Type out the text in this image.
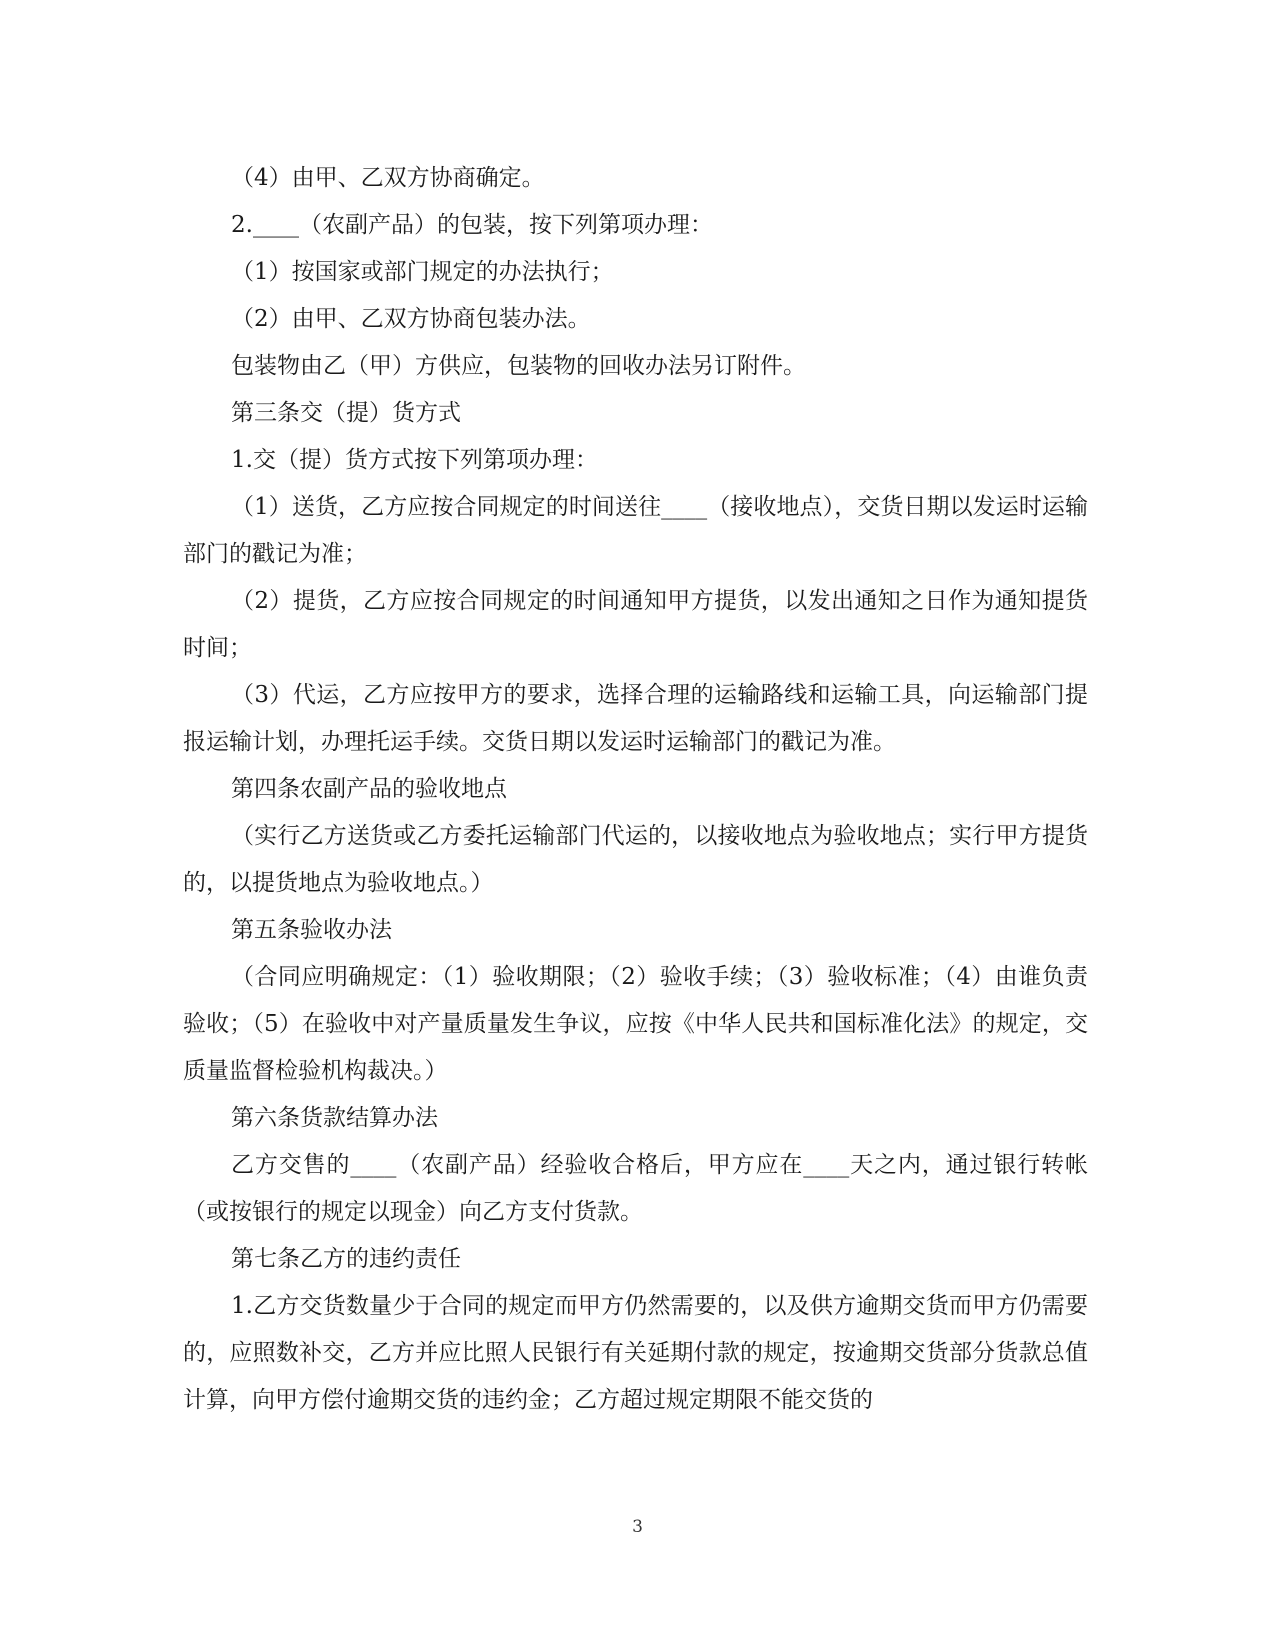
（4）由甲、乙双方协商确定。

2.____（农副产品）的包装，按下列第项办理：

（1）按国家或部门规定的办法执行；

（2）由甲、乙双方协商包装办法。

包装物由乙（甲）方供应，包装物的回收办法另订附件。

第三条交（提）货方式

1.交（提）货方式按下列第项办理：

（1）送货，乙方应按合同规定的时间送往____（接收地点），交货日期以发运时运输部门的戳记为准；

（2）提货，乙方应按合同规定的时间通知甲方提货，以发出通知之日作为通知提货时间；

（3）代运，乙方应按甲方的要求，选择合理的运输路线和运输工具，向运输部门提报运输计划，办理托运手续。交货日期以发运时运输部门的戳记为准。

第四条农副产品的验收地点

（实行乙方送货或乙方委托运输部门代运的，以接收地点为验收地点；实行甲方提货的，以提货地点为验收地点。）

第五条验收办法

（合同应明确规定：（1）验收期限；（2）验收手续；（3）验收标准；（4）由谁负责验收；（5）在验收中对产量质量发生争议，应按《中华人民共和国标准化法》的规定，交质量监督检验机构裁决。）

第六条货款结算办法

乙方交售的____（农副产品）经验收合格后，甲方应在____天之内，通过银行转帐（或按银行的规定以现金）向乙方支付货款。

第七条乙方的违约责任

1.乙方交货数量少于合同的规定而甲方仍然需要的，以及供方逾期交货而甲方仍需要的，应照数补交，乙方并应比照人民银行有关延期付款的规定，按逾期交货部分货款总值计算，向甲方偿付逾期交货的违约金；乙方超过规定期限不能交货的

3
